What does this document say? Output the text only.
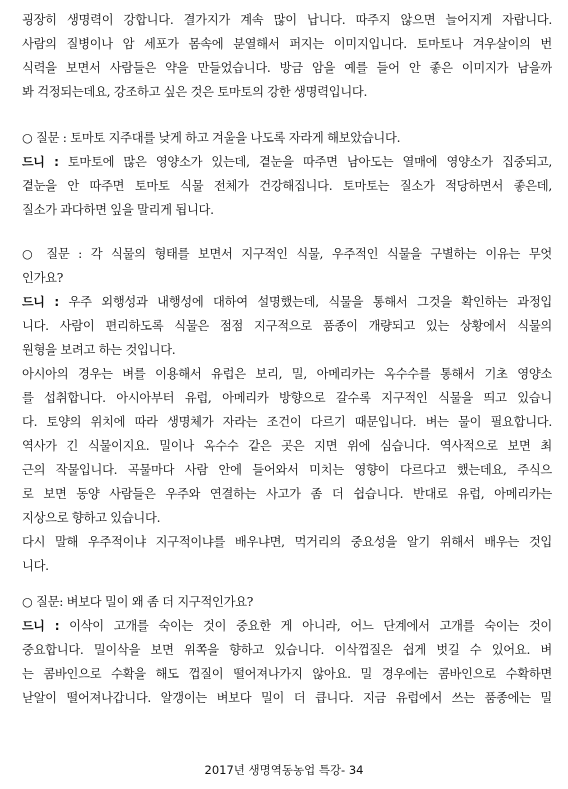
굉장히 생명력이 강합니다. 결가지가 계속 많이 납니다. 따주지 않으면 늘어지게 자랍니다.
사람의 질병이나 암 세포가 몸속에 분열해서 퍼지는 이미지입니다. 토마토나 겨우살이의 번
식력을 보면서 사람들은 약을 만들었습니다. 방금 암을 예를 들어 안 좋은 이미지가 남을까
봐 걱정되는데요, 강조하고 싶은 것은 토마토의 강한 생명력입니다.
○ 질문 : 토마토 지주대를 낮게 하고 겨울을 나도록 자라게 해보았습니다.
드니 : 토마토에 많은 영양소가 있는데, 곁눈을 따주면 남아도는 열매에 영양소가 집중되고,
곁눈을 안 따주면 토마토 식물 전체가 건강해집니다. 토마토는 질소가 적당하면서 좋은데,
질소가 과다하면 잎을 말리게 됩니다.
○ 질문 : 각 식물의 형태를 보면서 지구적인 식물, 우주적인 식물을 구별하는 이유는 무엇
인가요?
드니 : 우주 외행성과 내행성에 대하여 설명했는데, 식물을 통해서 그것을 확인하는 과정입
니다. 사람이 편리하도록 식물은 점점 지구적으로 품종이 개량되고 있는 상황에서 식물의
원형을 보려고 하는 것입니다.
아시아의 경우는 벼를 이용해서 유럽은 보리, 밀, 아메리카는 옥수수를 통해서 기초 영양소
를 섭취합니다. 아시아부터 유럽, 아메리카 방향으로 갈수록 지구적인 식물을 띄고 있습니
다. 토양의 위치에 따라 생명체가 자라는 조건이 다르기 때문입니다. 벼는 물이 필요합니다.
역사가 긴 식물이지요. 밀이나 옥수수 같은 곳은 지면 위에 심습니다. 역사적으로 보면 최
근의 작물입니다. 곡물마다 사람 안에 들어와서 미치는 영향이 다르다고 했는데요, 주식으
로 보면 동양 사람들은 우주와 연결하는 사고가 좀 더 쉽습니다. 반대로 유럽, 아메리카는
지상으로 향하고 있습니다.
다시 말해 우주적이냐 지구적이냐를 배우냐면, 먹거리의 중요성을 알기 위해서 배우는 것입
니다.
○ 질문: 벼보다 밀이 왜 좀 더 지구적인가요?
드니 : 이삭이 고개를 숙이는 것이 중요한 게 아니라, 어느 단계에서 고개를 숙이는 것이
중요합니다. 밀이삭을 보면 위쪽을 향하고 있습니다. 이삭껍질은 쉽게 벗길 수 있어요. 벼
는 콤바인으로 수확을 해도 껍질이 떨어져나가지 않아요. 밀 경우에는 콤바인으로 수확하면
낟알이 떨어져나갑니다. 알갱이는 벼보다 밀이 더 큽니다. 지금 유럽에서 쓰는 품종에는 밀
2017년 생명역동농업 특강- 34
